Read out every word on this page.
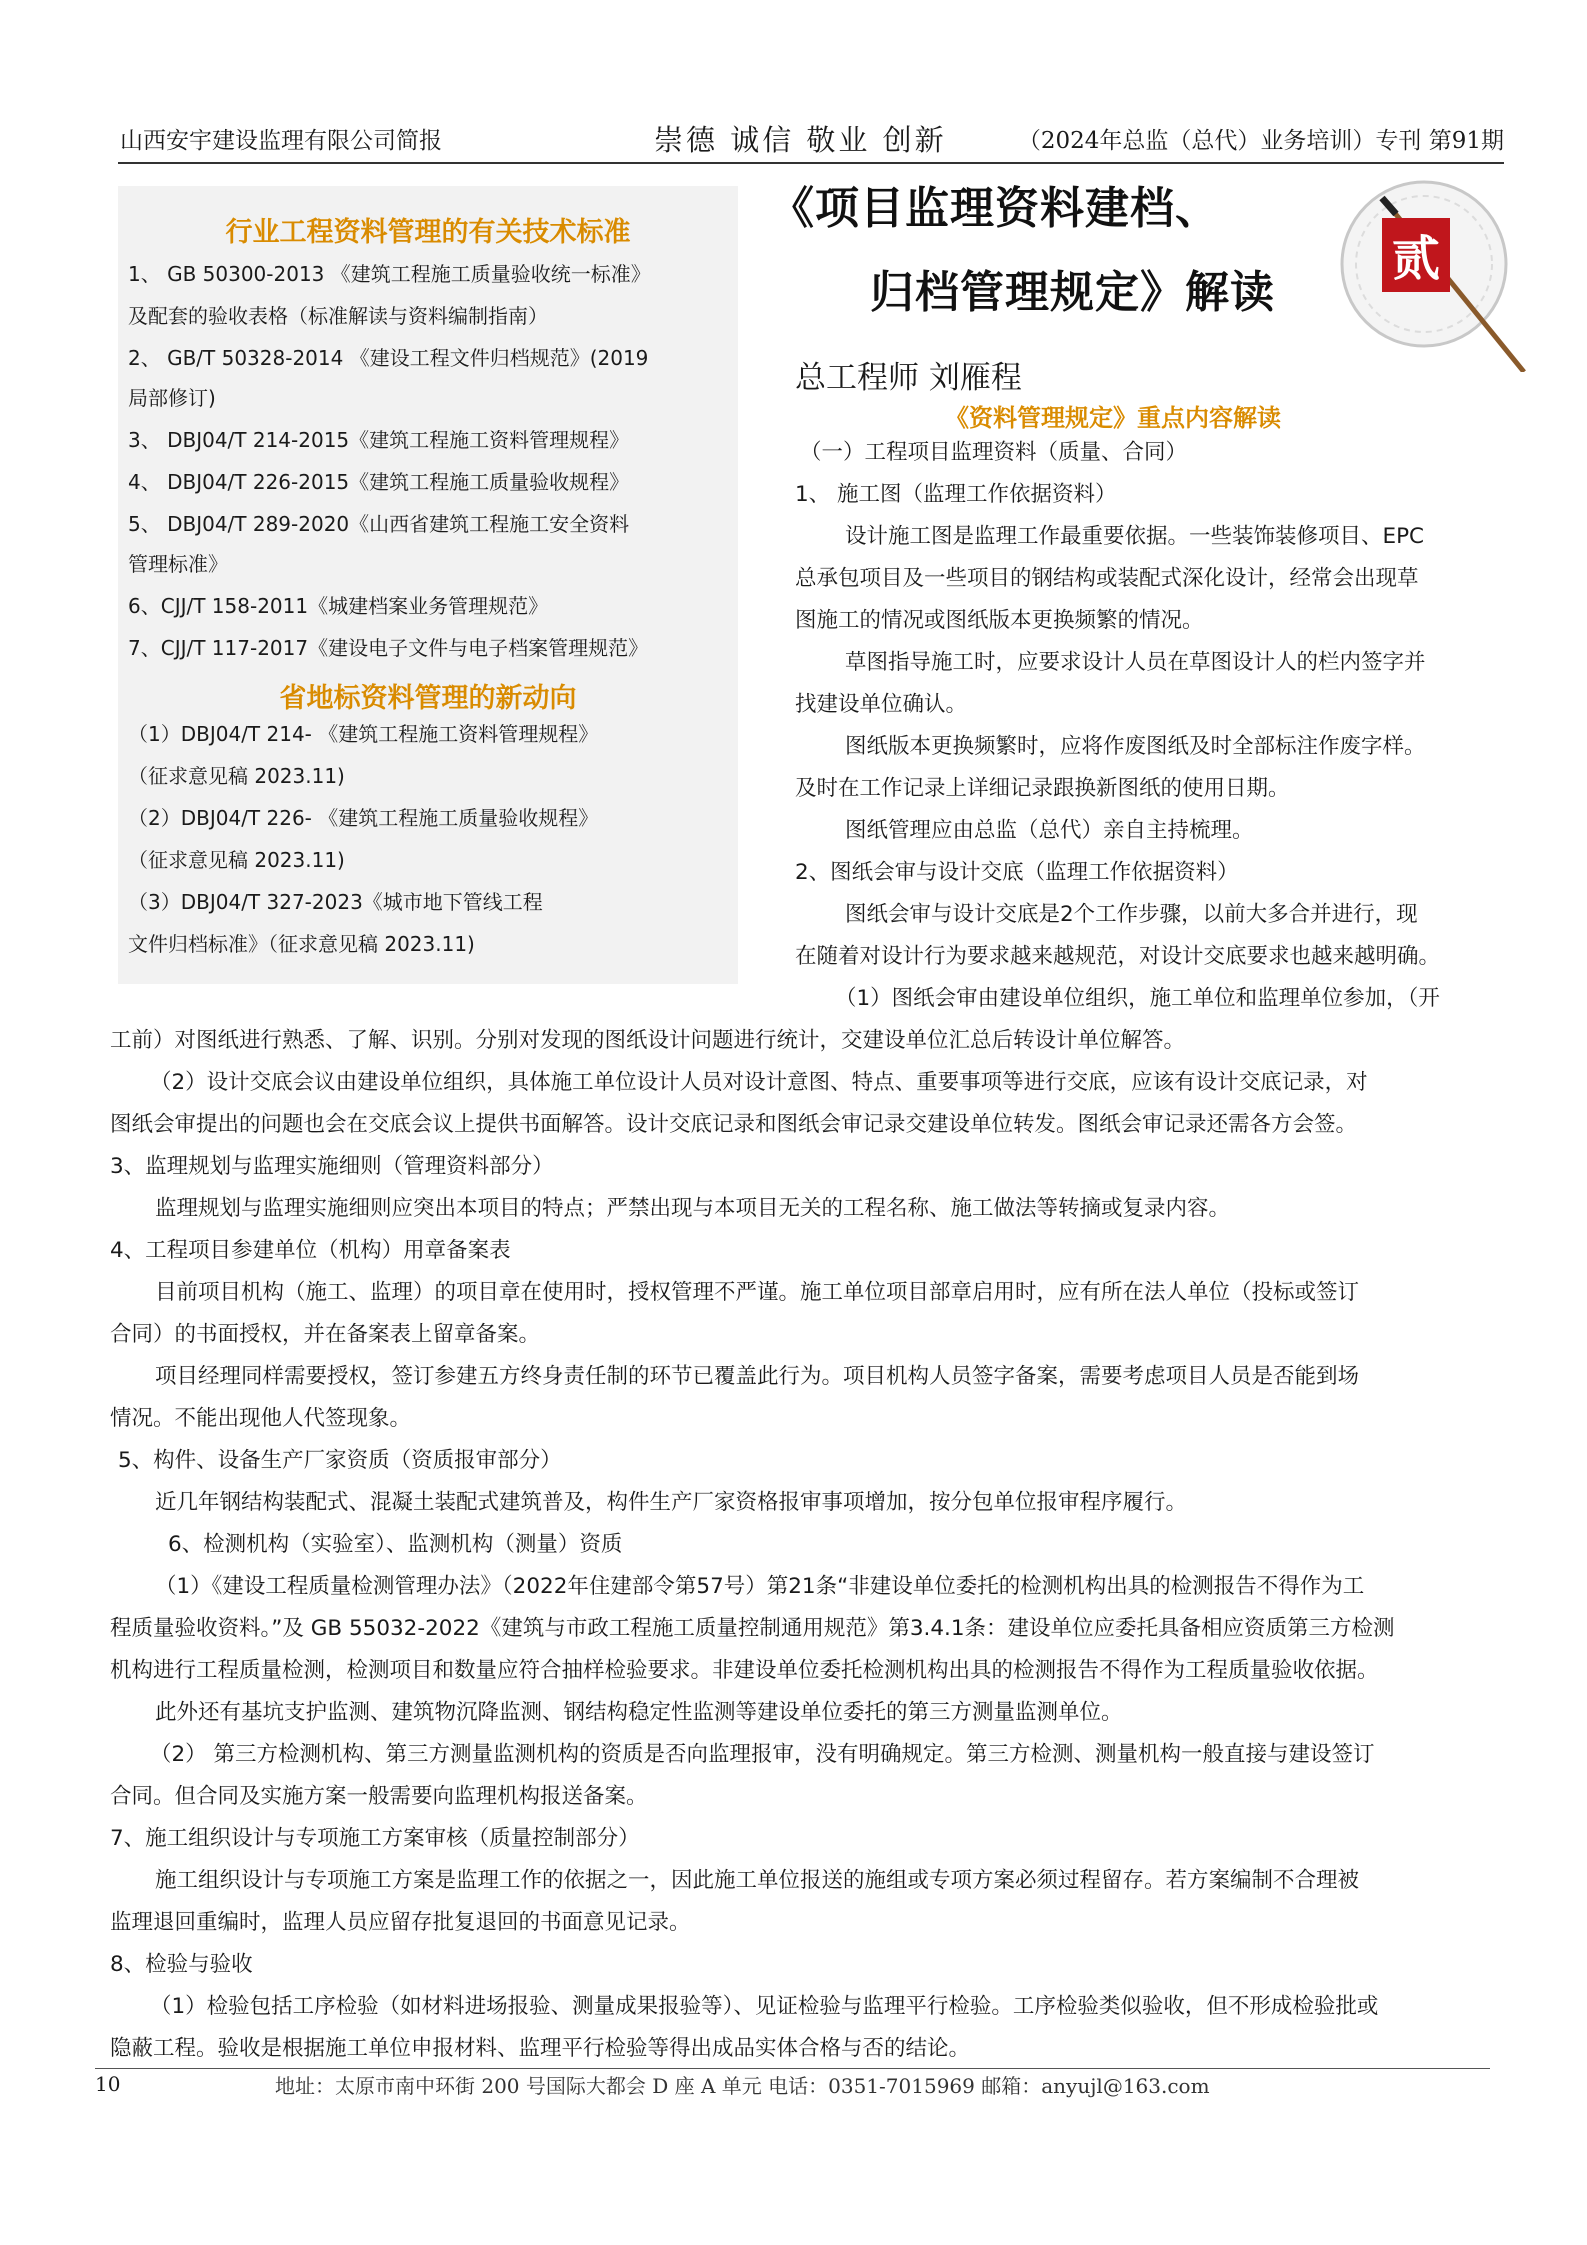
山西安宇建设监理有限公司简报	崇德 诚信 敬业 创新	（2024年总监（总代）业务培训）专刊 第91期
行业工程资料管理的有关技术标准
1、 GB 50300-2013 《建筑工程施工质量验收统一标准》
及配套的验收表格（标准解读与资料编制指南）
2、 GB/T 50328-2014 《建设工程文件归档规范》(2019
局部修订)
3、 DBJ04/T 214-2015《建筑工程施工资料管理规程》
4、 DBJ04/T 226-2015《建筑工程施工质量验收规程》
5、 DBJ04/T 289-2020《山西省建筑工程施工安全资料
管理标准》
6、CJJ/T 158-2011《城建档案业务管理规范》
7、CJJ/T 117-2017《建设电子文件与电子档案管理规范》
省地标资料管理的新动向
（1）DBJ04/T 214- 《建筑工程施工资料管理规程》
（征求意见稿 2023.11)
（2）DBJ04/T 226- 《建筑工程施工质量验收规程》
（征求意见稿 2023.11)
（3）DBJ04/T 327-2023《城市地下管线工程
文件归档标准》（征求意见稿 2023.11)
《项目监理资料建档、
归档管理规定》解读
贰
总工程师 刘雁程
《资料管理规定》重点内容解读
（一）工程项目监理资料（质量、合同）
1、 施工图（监理工作依据资料）
设计施工图是监理工作最重要依据。一些装饰装修项目、EPC
总承包项目及一些项目的钢结构或装配式深化设计，经常会出现草
图施工的情况或图纸版本更换频繁的情况。
草图指导施工时，应要求设计人员在草图设计人的栏内签字并
找建设单位确认。
图纸版本更换频繁时，应将作废图纸及时全部标注作废字样。
及时在工作记录上详细记录跟换新图纸的使用日期。
图纸管理应由总监（总代）亲自主持梳理。
2、图纸会审与设计交底（监理工作依据资料）
图纸会审与设计交底是2个工作步骤，以前大多合并进行，现
在随着对设计行为要求越来越规范，对设计交底要求也越来越明确。
（1）图纸会审由建设单位组织，施工单位和监理单位参加，（开
工前）对图纸进行熟悉、了解、识别。分别对发现的图纸设计问题进行统计，交建设单位汇总后转设计单位解答。
（2）设计交底会议由建设单位组织，具体施工单位设计人员对设计意图、特点、重要事项等进行交底，应该有设计交底记录，对
图纸会审提出的问题也会在交底会议上提供书面解答。设计交底记录和图纸会审记录交建设单位转发。图纸会审记录还需各方会签。
3、监理规划与监理实施细则（管理资料部分）
监理规划与监理实施细则应突出本项目的特点；严禁出现与本项目无关的工程名称、施工做法等转摘或复录内容。
4、工程项目参建单位（机构）用章备案表
目前项目机构（施工、监理）的项目章在使用时，授权管理不严谨。施工单位项目部章启用时，应有所在法人单位（投标或签订
合同）的书面授权，并在备案表上留章备案。
项目经理同样需要授权，签订参建五方终身责任制的环节已覆盖此行为。项目机构人员签字备案，需要考虑项目人员是否能到场
情况。不能出现他人代签现象。
5、构件、设备生产厂家资质（资质报审部分）
近几年钢结构装配式、混凝土装配式建筑普及，构件生产厂家资格报审事项增加，按分包单位报审程序履行。
6、检测机构（实验室）、监测机构（测量）资质
（1）《建设工程质量检测管理办法》（2022年住建部令第57号）第21条“非建设单位委托的检测机构出具的检测报告不得作为工
程质量验收资料。”及 GB 55032-2022《建筑与市政工程施工质量控制通用规范》第3.4.1条：建设单位应委托具备相应资质第三方检测
机构进行工程质量检测，检测项目和数量应符合抽样检验要求。非建设单位委托检测机构出具的检测报告不得作为工程质量验收依据。
此外还有基坑支护监测、建筑物沉降监测、钢结构稳定性监测等建设单位委托的第三方测量监测单位。
（2） 第三方检测机构、第三方测量监测机构的资质是否向监理报审，没有明确规定。第三方检测、测量机构一般直接与建设签订
合同。但合同及实施方案一般需要向监理机构报送备案。
7、施工组织设计与专项施工方案审核（质量控制部分）
施工组织设计与专项施工方案是监理工作的依据之一，因此施工单位报送的施组或专项方案必须过程留存。若方案编制不合理被
监理退回重编时，监理人员应留存批复退回的书面意见记录。
8、检验与验收
（1）检验包括工序检验（如材料进场报验、测量成果报验等）、见证检验与监理平行检验。工序检验类似验收，但不形成检验批或
隐蔽工程。验收是根据施工单位申报材料、监理平行检验等得出成品实体合格与否的结论。
10	地址：太原市南中环街 200 号国际大都会 D 座 A 单元 电话：0351-7015969 邮箱：anyujl@163.com
